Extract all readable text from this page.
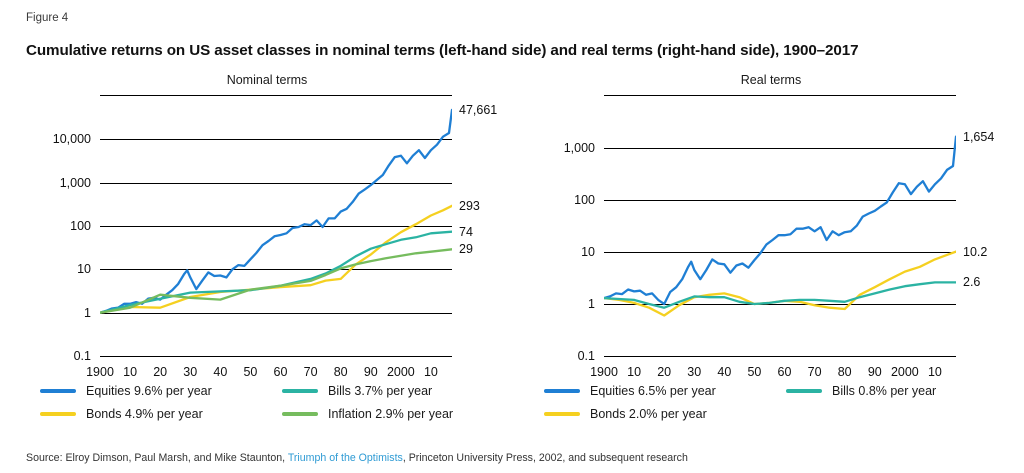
Figure 4
Cumulative returns on US asset classes in nominal terms (left-hand side) and real terms (right-hand side), 1900–2017
Nominal terms
0.1
1
10
100
1,000
10,000
1900 10 20 30 40 50 60 70 80 90 2000 10
47,661
293
74
29
Real terms
0.1
1
10
100
1,000
1900 10 20 30 40 50 60 70 80 90 2000 10
1,654
10.2
2.6
Equities 9.6% per year	Bills 3.7% per year
Bonds 4.9% per year	Inflation 2.9% per year
Equities 6.5% per year	Bills 0.8% per year
Bonds 2.0% per year
Source: Elroy Dimson, Paul Marsh, and Mike Staunton, Triumph of the Optimists, Princeton University Press, 2002, and subsequent research
